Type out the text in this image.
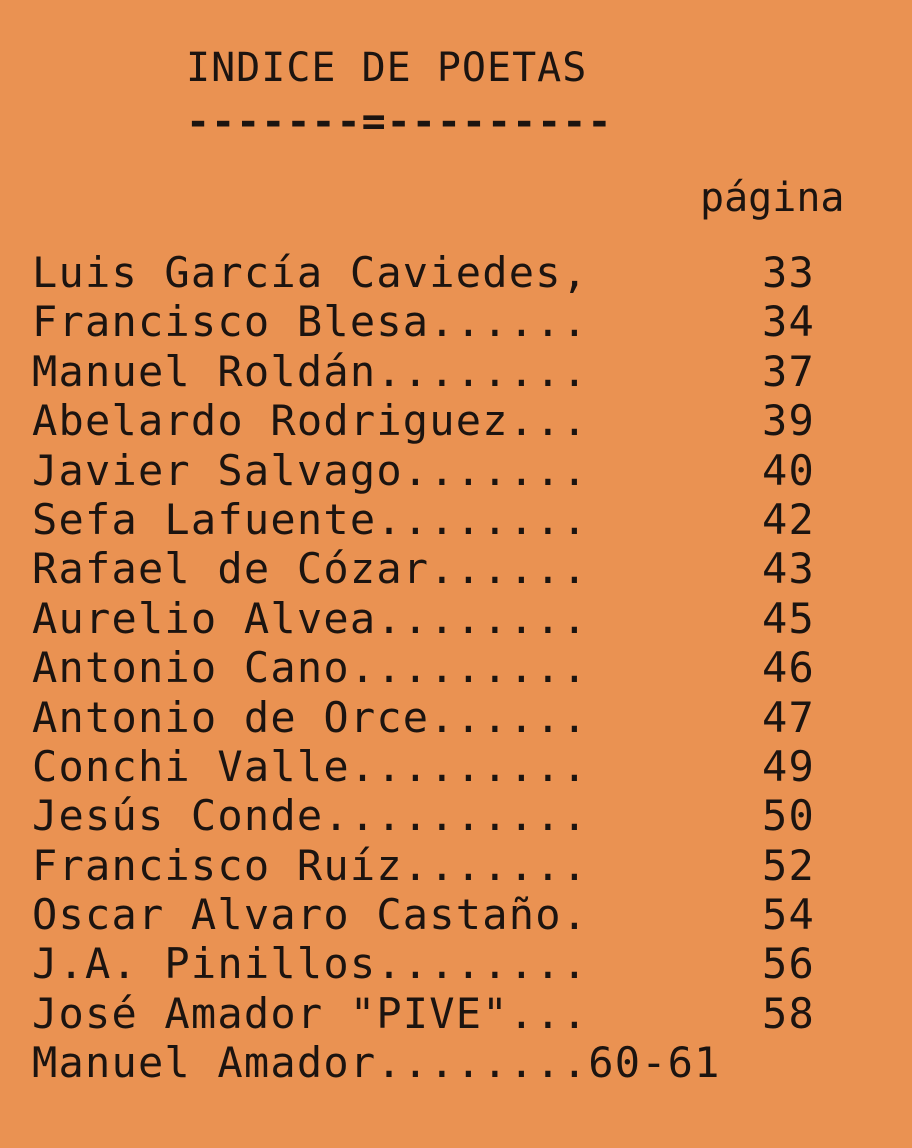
INDICE DE POETAS
-------=---------
página
Luis García Caviedes,	33
Francisco Blesa......	34
Manuel Roldán........	37
Abelardo Rodriguez...	39
Javier Salvago.......	40
Sefa Lafuente........	42
Rafael de Cózar......	43
Aurelio Alvea........	45
Antonio Cano.........	46
Antonio de Orce......	47
Conchi Valle.........	49
Jesús Conde..........	50
Francisco Ruíz.......	52
Oscar Alvaro Castaño.	54
J.A. Pinillos........	56
José Amador "PIVE"...	58
Manuel Amador........ 60-61
